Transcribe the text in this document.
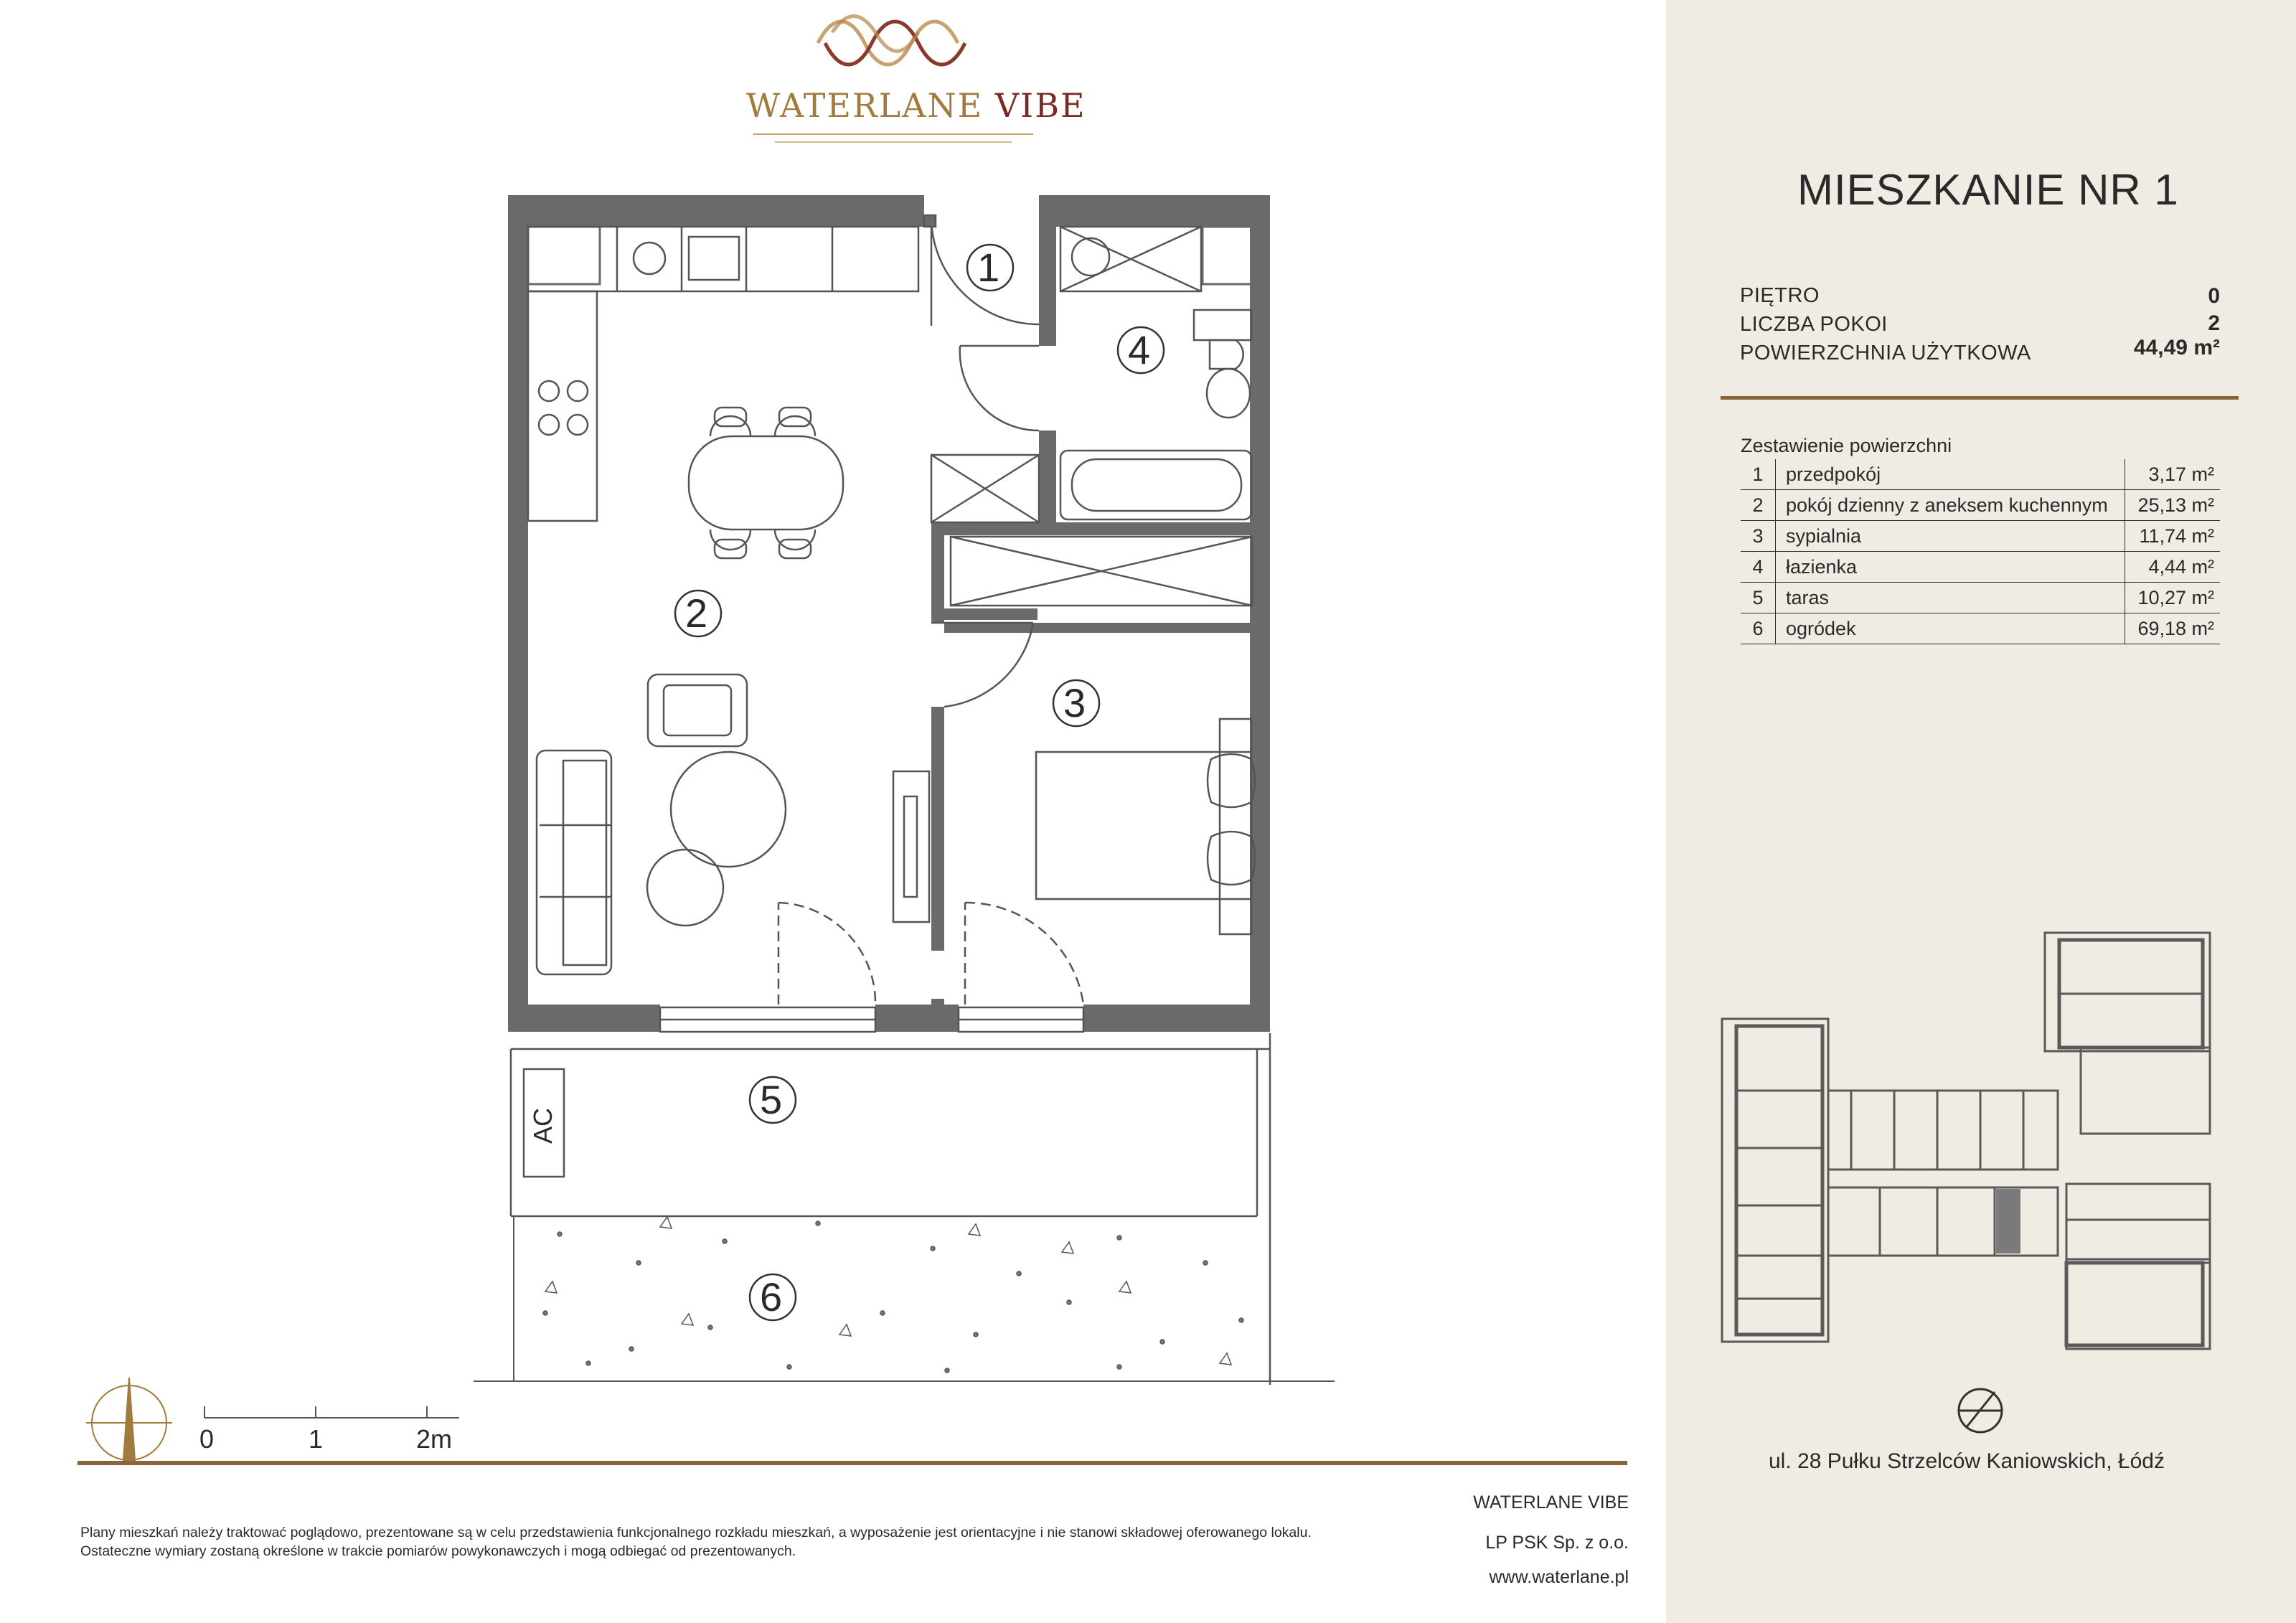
1
2
3
4
5
6
AC
WATERLANE VIBE
0	1	2m
MIESZKANIE NR 1
PIĘTRO	0
LICZBA POKOI	2
POWIERZCHNIA UŻYTKOWA	44,49 m²
Zestawienie powierzchni
1	przedpokój	3,17 m²
2	pokój dzienny z aneksem kuchennym	25,13 m²
3	sypialnia	11,74 m²
4	łazienka	4,44 m²
5	taras	10,27 m²
6	ogródek	69,18 m²
ul. 28 Pułku Strzelców Kaniowskich, Łódź
Plany mieszkań należy traktować poglądowo, prezentowane są w celu przedstawienia funkcjonalnego rozkładu mieszkań, a wyposażenie jest orientacyjne i nie stanowi składowej oferowanego lokalu.
Ostateczne wymiary zostaną określone w trakcie pomiarów powykonawczych i mogą odbiegać od prezentowanych.
WATERLANE VIBE
LP PSK Sp. z o.o.
www.waterlane.pl
